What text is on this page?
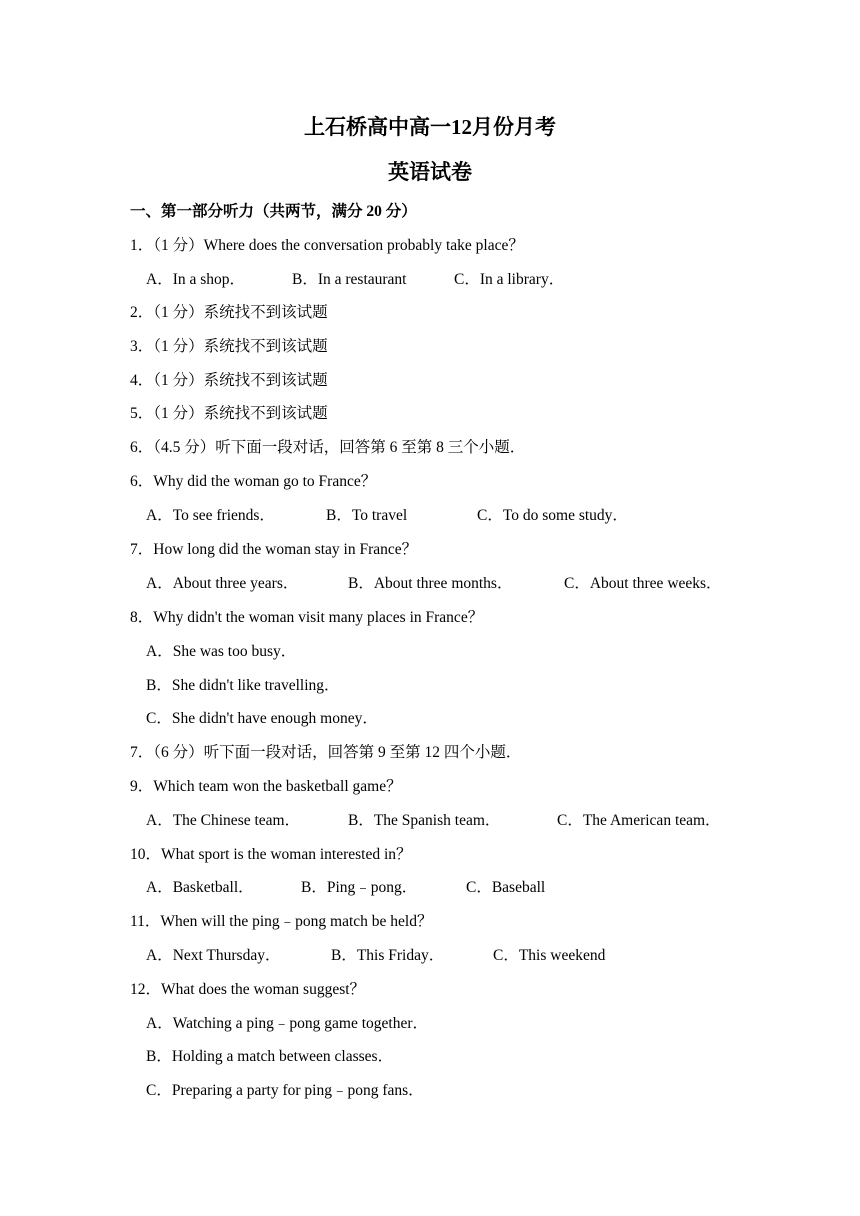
上石桥高中高一12月份月考
英语试卷
一、第一部分听力（共两节，满分 20 分）
1．（1 分）Where does the conversation probably take place？
A．In a shop．	B．In a restaurant	C．In a library．
2．（1 分）系统找不到该试题
3．（1 分）系统找不到该试题
4．（1 分）系统找不到该试题
5．（1 分）系统找不到该试题
6．（4.5 分）听下面一段对话，回答第 6 至第 8 三个小题．
6．Why did the woman go to France？
A．To see friends．	B．To travel	C．To do some study．
7．How long did the woman stay in France？
A．About three years．	B．About three months．	C．About three weeks．
8．Why didn't the woman visit many places in France？
A．She was too busy．
B．She didn't like travelling．
C．She didn't have enough money．
7．（6 分）听下面一段对话，回答第 9 至第 12 四个小题．
9．Which team won the basketball game？
A．The Chinese team．	B．The Spanish team．	C．The American team．
10．What sport is the woman interested in？
A．Basketball．	B．Ping﹣pong．	C．Baseball
11．When will the ping﹣pong match be held？
A．Next Thursday．	B．This Friday．	C．This weekend
12．What does the woman suggest？
A．Watching a ping﹣pong game together．
B．Holding a match between classes．
C．Preparing a party for ping﹣pong fans．
